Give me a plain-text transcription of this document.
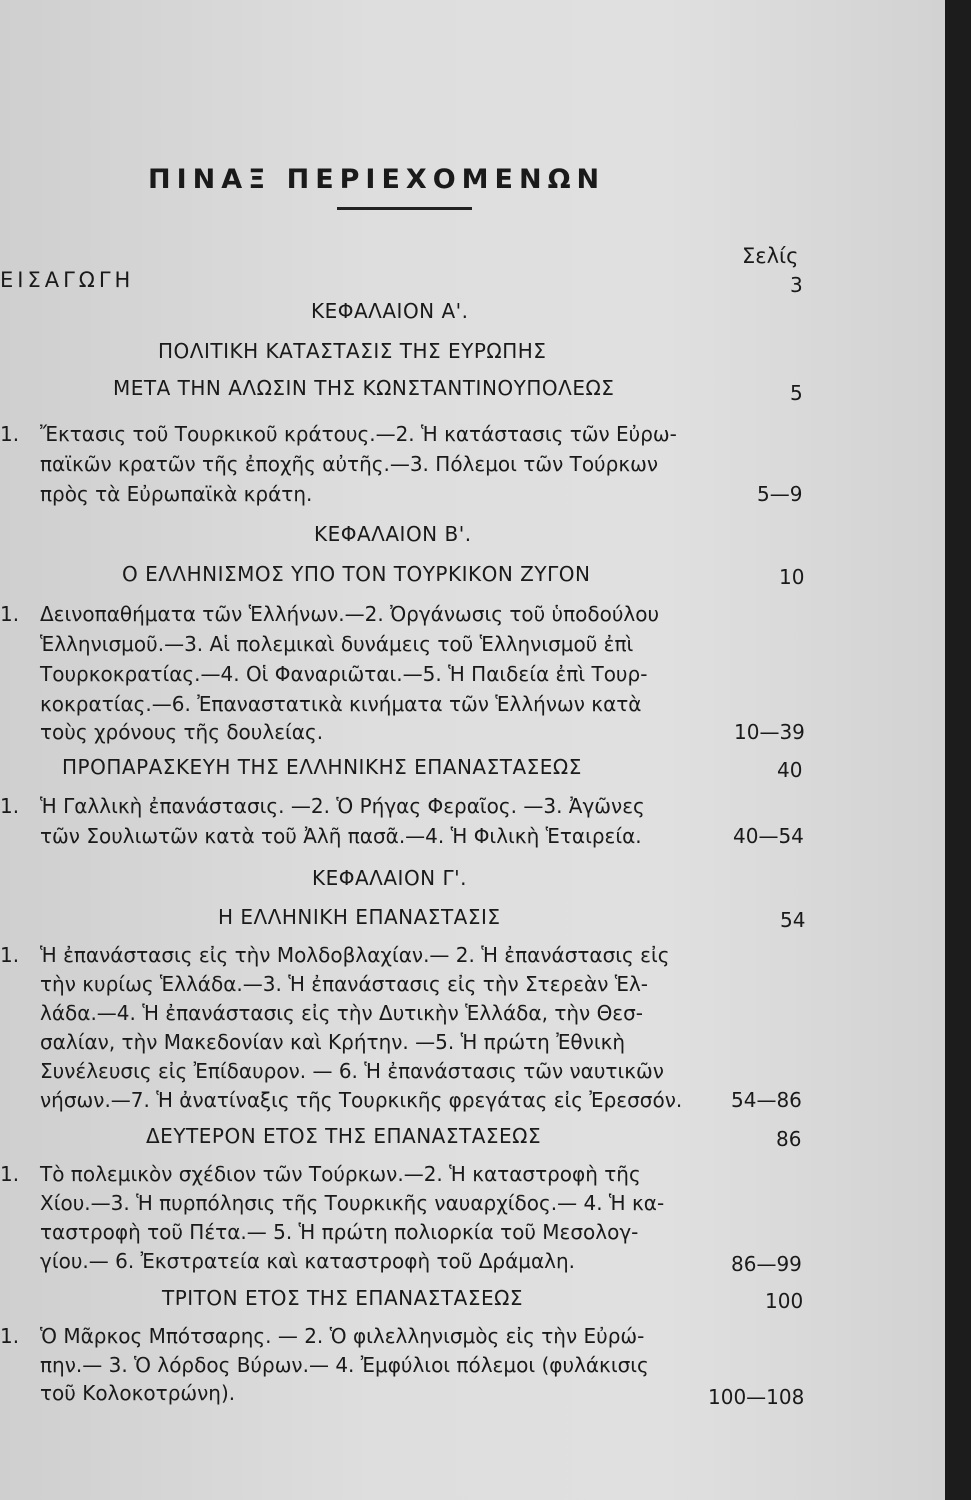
ΠΙΝΑΞ ΠΕΡΙΕΧΟΜΕΝΩΝ
Σελίς
ΕΙΣΑΓΩΓΗ	3
ΚΕΦΑΛΑΙΟΝ Α'.
ΠΟΛΙΤΙΚΗ ΚΑΤΑΣΤΑΣΙΣ ΤΗΣ ΕΥΡΩΠΗΣ
ΜΕΤΑ ΤΗΝ ΑΛΩΣΙΝ ΤΗΣ ΚΩΝΣΤΑΝΤΙΝΟΥΠΟΛΕΩΣ	5
1. Ἔκτασις τοῦ Τουρκικοῦ κράτους.—2. Ἡ κατάστασις τῶν Εὐρω-
παϊκῶν κρατῶν τῆς ἐποχῆς αὐτῆς.—3. Πόλεμοι τῶν Τούρκων
πρὸς τὰ Εὐρωπαϊκὰ κράτη.	5—9
ΚΕΦΑΛΑΙΟΝ Β'.
Ο ΕΛΛΗΝΙΣΜΟΣ ΥΠΟ ΤΟΝ ΤΟΥΡΚΙΚΟΝ ΖΥΓΟΝ	10
1. Δεινοπαθήματα τῶν Ἑλλήνων.—2. Ὀργάνωσις τοῦ ὑποδούλου
Ἑλληνισμοῦ.—3. Αἱ πολεμικαὶ δυνάμεις τοῦ Ἑλληνισμοῦ ἐπὶ
Τουρκοκρατίας.—4. Οἱ Φαναριῶται.—5. Ἡ Παιδεία ἐπὶ Τουρ-
κοκρατίας.—6. Ἐπαναστατικὰ κινήματα τῶν Ἑλλήνων κατὰ
τοὺς χρόνους τῆς δουλείας.	10—39
ΠΡΟΠΑΡΑΣΚΕΥΗ ΤΗΣ ΕΛΛΗΝΙΚΗΣ ΕΠΑΝΑΣΤΑΣΕΩΣ	40
1. Ἡ Γαλλικὴ ἐπανάστασις. —2. Ὁ Ρήγας Φεραῖος. —3. Ἀγῶνες
τῶν Σουλιωτῶν κατὰ τοῦ Ἀλῆ πασᾶ.—4. Ἡ Φιλικὴ Ἑταιρεία.	40—54
ΚΕΦΑΛΑΙΟΝ Γ'.
Η ΕΛΛΗΝΙΚΗ ΕΠΑΝΑΣΤΑΣΙΣ	54
1. Ἡ ἐπανάστασις εἰς τὴν Μολδοβλαχίαν.— 2. Ἡ ἐπανάστασις εἰς
τὴν κυρίως Ἑλλάδα.—3. Ἡ ἐπανάστασις εἰς τὴν Στερεὰν Ἑλ-
λάδα.—4. Ἡ ἐπανάστασις εἰς τὴν Δυτικὴν Ἑλλάδα, τὴν Θεσ-
σαλίαν, τὴν Μακεδονίαν καὶ Κρήτην. —5. Ἡ πρώτη Ἐθνικὴ
Συνέλευσις εἰς Ἐπίδαυρον. — 6. Ἡ ἐπανάστασις τῶν ναυτικῶν
νήσων.—7. Ἡ ἀνατίναξις τῆς Τουρκικῆς φρεγάτας εἰς Ἐρεσσόν. 54—86
ΔΕΥΤΕΡΟΝ ΕΤΟΣ ΤΗΣ ΕΠΑΝΑΣΤΑΣΕΩΣ	86
1. Τὸ πολεμικὸν σχέδιον τῶν Τούρκων.—2. Ἡ καταστροφὴ τῆς
Χίου.—3. Ἡ πυρπόλησις τῆς Τουρκικῆς ναυαρχίδος.— 4. Ἡ κα-
ταστροφὴ τοῦ Πέτα.— 5. Ἡ πρώτη πολιορκία τοῦ Μεσολογ-
γίου.— 6. Ἐκστρατεία καὶ καταστροφὴ τοῦ Δράμαλη.	86—99
ΤΡΙΤΟΝ ΕΤΟΣ ΤΗΣ ΕΠΑΝΑΣΤΑΣΕΩΣ	100
1. Ὁ Μᾶρκος Μπότσαρης. — 2. Ὁ φιλελληνισμὸς εἰς τὴν Εὐρώ-
πην.— 3. Ὁ λόρδος Βύρων.— 4. Ἐμφύλιοι πόλεμοι (φυλάκισις
τοῦ Κολοκοτρώνη).	100—108
